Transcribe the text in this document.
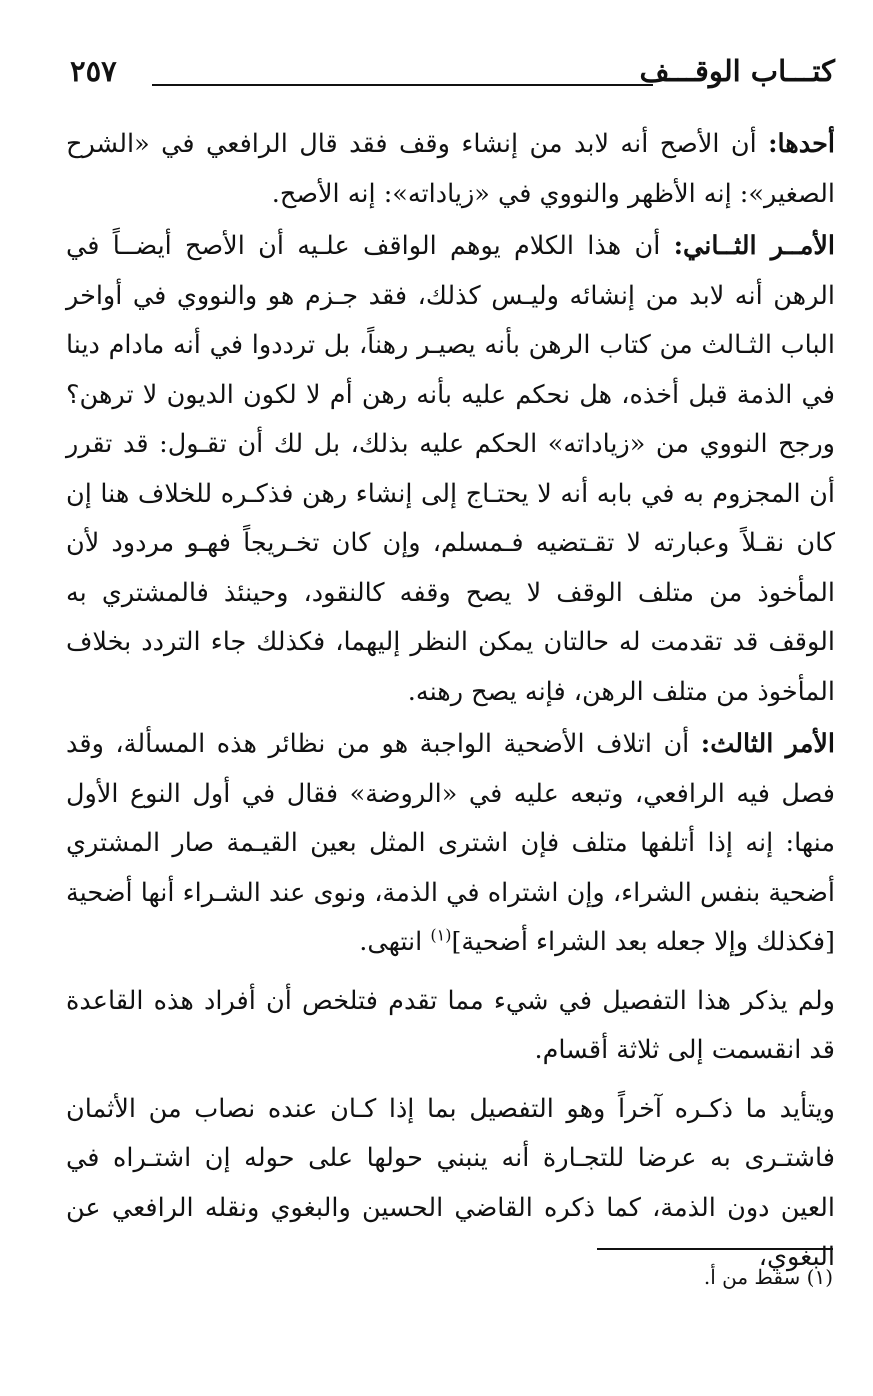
كتـــاب الوقـــف
٢٥٧

أحدها: أن الأصح أنه لابد من إنشاء وقف فقد قال الرافعي في «الشرح الصغير»: إنه الأظهر والنووي في «زياداته»: إنه الأصح.

الأمــر الثــاني: أن هذا الكلام يوهم الواقف علـيه أن الأصح أيضــاً في الرهن أنه لابد من إنشائه وليـس كذلك، فقد جـزم هو والنووي في أواخر الباب الثـالث من كتاب الرهن بأنه يصيـر رهناً، بل ترددوا في أنه مادام دينا في الذمة قبل أخذه، هل نحكم عليه بأنه رهن أم لا لكون الديون لا ترهن؟ ورجح النووي من «زياداته» الحكم عليه بذلك، بل لك أن تقـول: قد تقرر أن المجزوم به في بابه أنه لا يحتـاج إلى إنشاء رهن فذكـره للخلاف هنا إن كان نقـلاً وعبارته لا تقـتضيه فـمسلم، وإن كان تخـريجاً فهـو مردود لأن المأخوذ من متلف الوقف لا يصح وقفه كالنقود، وحينئذ فالمشتري به الوقف قد تقدمت له حالتان يمكن النظر إليهما، فكذلك جاء التردد بخلاف المأخوذ من متلف الرهن، فإنه يصح رهنه.

الأمر الثالث: أن اتلاف الأضحية الواجبة هو من نظائر هذه المسألة، وقد فصل فيه الرافعي، وتبعه عليه في «الروضة» فقال في أول النوع الأول منها: إنه إذا أتلفها متلف فإن اشترى المثل بعين القيـمة صار المشتري أضحية بنفس الشراء، وإن اشتراه في الذمة، ونوى عند الشـراء أنها أضحية [فكذلك وإلا جعله بعد الشراء أضحية]$^{(١)}$ انتهى.

ولم يذكر هذا التفصيل في شيء مما تقدم فتلخص أن أفراد هذه القاعدة قد انقسمت إلى ثلاثة أقسام.

ويتأيد ما ذكـره آخراً وهو التفصيل بما إذا كـان عنده نصاب من الأثمان فاشتـرى به عرضا للتجـارة أنه ينبني حولها على حوله إن اشتـراه في العين دون الذمة، كما ذكره القاضي الحسين والبغوي ونقله الرافعي عن البغوي،

(١) سقط من أ.
